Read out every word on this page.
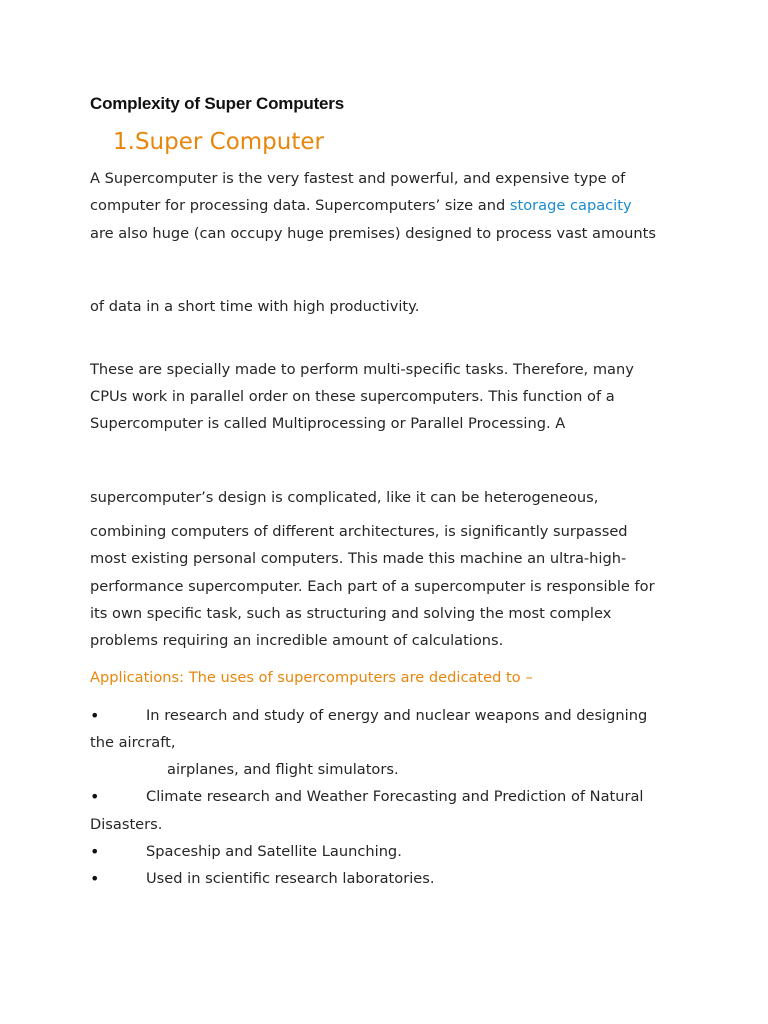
Complexity of Super Computers
1.Super Computer
A Supercomputer is the very fastest and powerful, and expensive type of
computer for processing data. Supercomputers’ size and storage capacity
are also huge (can occupy huge premises) designed to process vast amounts
of data in a short time with high productivity.
These are specially made to perform multi-specific tasks. Therefore, many
CPUs work in parallel order on these supercomputers. This function of a
Supercomputer is called Multiprocessing or Parallel Processing. A
supercomputer’s design is complicated, like it can be heterogeneous,
combining computers of different architectures, is significantly surpassed
most existing personal computers. This made this machine an ultra-high-
performance supercomputer. Each part of a supercomputer is responsible for
its own specific task, such as structuring and solving the most complex
problems requiring an incredible amount of calculations.
Applications: The uses of supercomputers are dedicated to –
•	In research and study of energy and nuclear weapons and designing
the aircraft,
airplanes, and flight simulators.
•	Climate research and Weather Forecasting and Prediction of Natural
Disasters.
•	Spaceship and Satellite Launching.
•	Used in scientific research laboratories.
